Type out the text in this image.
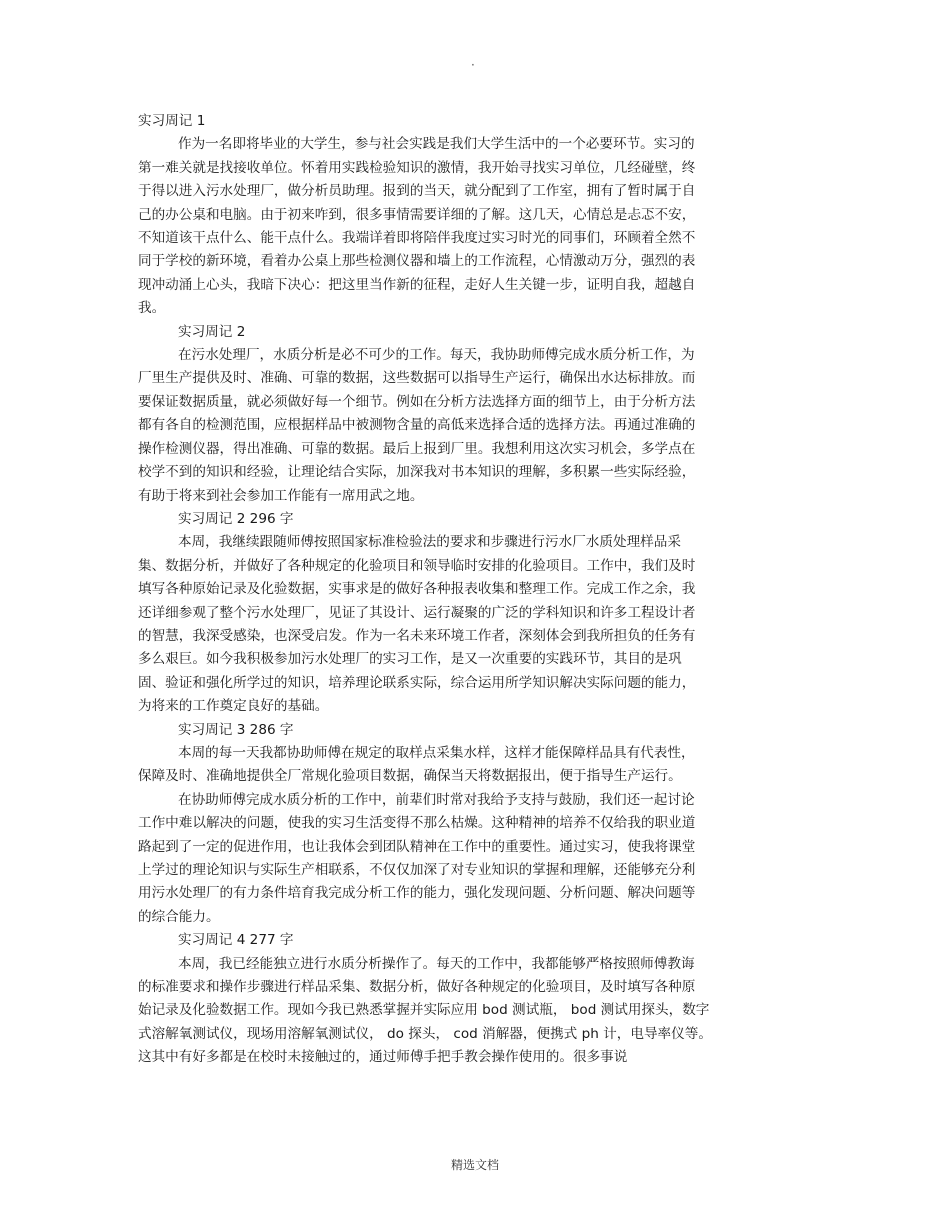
·

实习周记 1

作为一名即将毕业的大学生，参与社会实践是我们大学生活中的一个必要环节。实习的

第一难关就是找接收单位。怀着用实践检验知识的激情，我开始寻找实习单位，几经碰壁，终

于得以进入污水处理厂，做分析员助理。报到的当天，就分配到了工作室，拥有了暂时属于自

己的办公桌和电脑。由于初来咋到，很多事情需要详细的了解。这几天，心情总是忐忑不安，

不知道该干点什么、能干点什么。我端详着即将陪伴我度过实习时光的同事们，环顾着全然不

同于学校的新环境，看着办公桌上那些检测仪器和墙上的工作流程，心情激动万分，强烈的表

现冲动涌上心头，我暗下决心：把这里当作新的征程，走好人生关键一步，证明自我，超越自

我。

实习周记 2

在污水处理厂，水质分析是必不可少的工作。每天，我协助师傅完成水质分析工作，为

厂里生产提供及时、准确、可靠的数据，这些数据可以指导生产运行，确保出水达标排放。而

要保证数据质量，就必须做好每一个细节。例如在分析方法选择方面的细节上，由于分析方法

都有各自的检测范围，应根据样品中被测物含量的高低来选择合适的选择方法。再通过准确的

操作检测仪器，得出准确、可靠的数据。最后上报到厂里。我想利用这次实习机会，多学点在

校学不到的知识和经验，让理论结合实际，加深我对书本知识的理解，多积累一些实际经验，

有助于将来到社会参加工作能有一席用武之地。

实习周记 2 296 字

本周，我继续跟随师傅按照国家标准检验法的要求和步骤进行污水厂水质处理样品采

集、数据分析，并做好了各种规定的化验项目和领导临时安排的化验项目。工作中，我们及时

填写各种原始记录及化验数据，实事求是的做好各种报表收集和整理工作。完成工作之余，我

还详细参观了整个污水处理厂，见证了其设计、运行凝聚的广泛的学科知识和许多工程设计者

的智慧，我深受感染，也深受启发。作为一名未来环境工作者，深刻体会到我所担负的任务有

多么艰巨。如今我积极参加污水处理厂的实习工作，是又一次重要的实践环节，其目的是巩

固、验证和强化所学过的知识，培养理论联系实际，综合运用所学知识解决实际问题的能力，

为将来的工作奠定良好的基础。

实习周记 3 286 字

本周的每一天我都协助师傅在规定的取样点采集水样，这样才能保障样品具有代表性，

保障及时、准确地提供全厂常规化验项目数据，确保当天将数据报出，便于指导生产运行。

在协助师傅完成水质分析的工作中，前辈们时常对我给予支持与鼓励，我们还一起讨论

工作中难以解决的问题，使我的实习生活变得不那么枯燥。这种精神的培养不仅给我的职业道

路起到了一定的促进作用，也让我体会到团队精神在工作中的重要性。通过实习，使我将课堂

上学过的理论知识与实际生产相联系，不仅仅加深了对专业知识的掌握和理解，还能够充分利

用污水处理厂的有力条件培育我完成分析工作的能力，强化发现问题、分析问题、解决问题等

的综合能力。

实习周记 4 277 字

本周，我已经能独立进行水质分析操作了。每天的工作中，我都能够严格按照师傅教诲

的标准要求和操作步骤进行样品采集、数据分析，做好各种规定的化验项目，及时填写各种原

始记录及化验数据工作。现如今我已熟悉掌握并实际应用 bod 测试瓶， bod 测试用探头，数字

式溶解氧测试仪，现场用溶解氧测试仪， do 探头， cod 消解器，便携式 ph 计，电导率仪等。

这其中有好多都是在校时未接触过的，通过师傅手把手教会操作使用的。很多事说

精选文档
